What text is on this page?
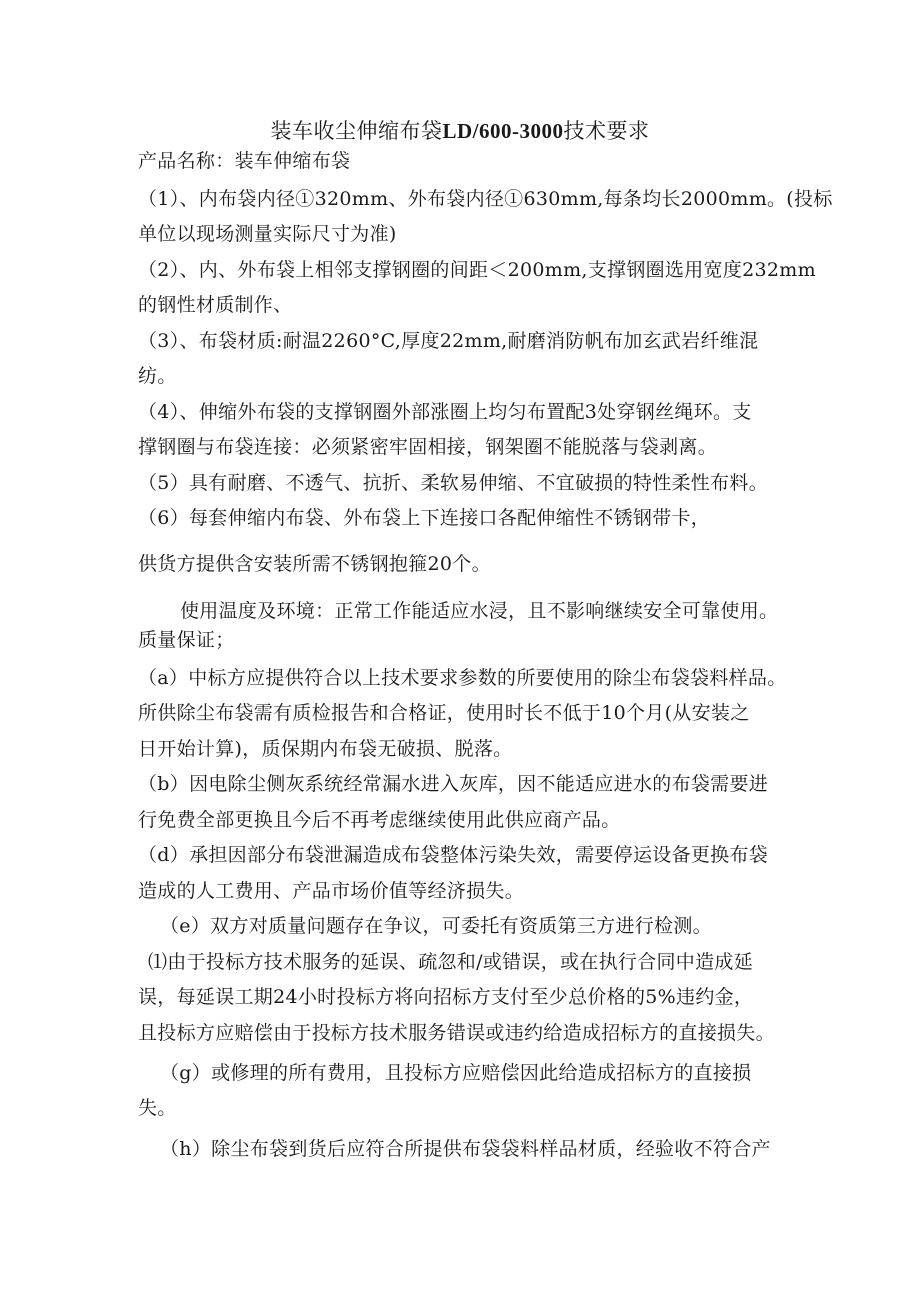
装车收尘伸缩布袋LD/600-3000技术要求
产品名称：装车伸缩布袋
（1）、内布袋内径①320mm、外布袋内径①630mm,每条均长2000mm。(投标
单位以现场测量实际尺寸为准)
（2）、内、外布袋上相邻支撑钢圈的间距＜200mm,支撑钢圈选用宽度232mm
的钢性材质制作、
（3）、布袋材质:耐温2260°C,厚度22mm,耐磨消防帆布加玄武岩纤维混
纺。
（4）、伸缩外布袋的支撑钢圈外部涨圈上均匀布置配3处穿钢丝绳环。支
撑钢圈与布袋连接：必须紧密牢固相接，钢架圈不能脱落与袋剥离。
（5）具有耐磨、不透气、抗折、柔软易伸缩、不宜破损的特性柔性布料。
（6）每套伸缩内布袋、外布袋上下连接口各配伸缩性不锈钢带卡，
供货方提供含安装所需不锈钢抱箍20个。
使用温度及环境：正常工作能适应水浸，且不影响继续安全可靠使用。
质量保证；
（a）中标方应提供符合以上技术要求参数的所要使用的除尘布袋袋料样品。
所供除尘布袋需有质检报告和合格证，使用时长不低于10个月(从安装之
日开始计算)，质保期内布袋无破损、脱落。
（b）因电除尘侧灰系统经常漏水进入灰库，因不能适应进水的布袋需要进
行免费全部更换且今后不再考虑继续使用此供应商产品。
（d）承担因部分布袋泄漏造成布袋整体污染失效，需要停运设备更换布袋
造成的人工费用、产品市场价值等经济损失。
（e）双方对质量问题存在争议，可委托有资质第三方进行检测。
⑴由于投标方技术服务的延误、疏忽和/或错误，或在执行合同中造成延
误，每延误工期24小时投标方将向招标方支付至少总价格的5%违约金，
且投标方应赔偿由于投标方技术服务错误或违约给造成招标方的直接损失。
（g）或修理的所有费用，且投标方应赔偿因此给造成招标方的直接损
失。
（h）除尘布袋到货后应符合所提供布袋袋料样品材质，经验收不符合产
